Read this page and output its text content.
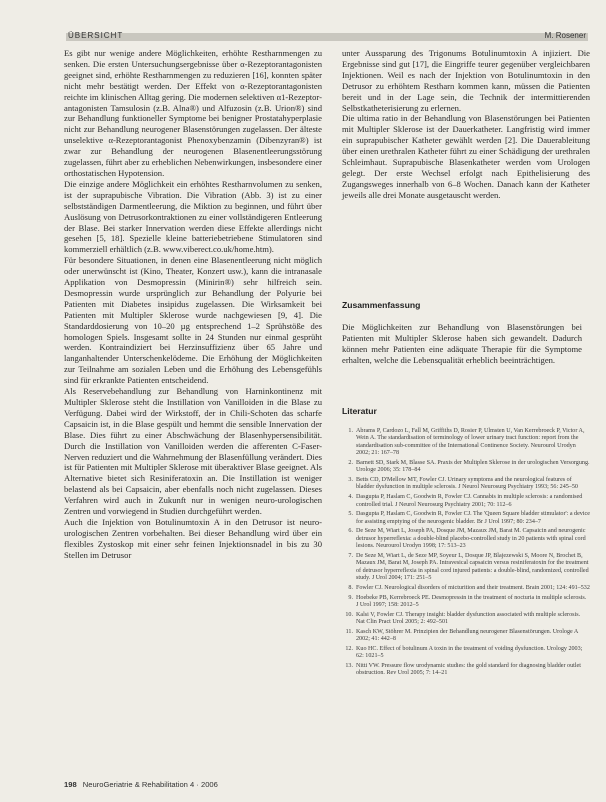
ÜBERSICHT	M. Rosener

Es gibt nur wenige andere Möglichkeiten, erhöhte Restharnmengen zu senken. Die ersten Untersuchungsergebnisse über α-Rezeptorantagonisten geeignet sind, erhöhte Restharnmengen zu reduzieren [16], konnten später nicht mehr bestätigt werden. Der Effekt von α-Rezeptorantagonisten reichte im klinischen Alltag gering. Die modernen selektiven α1-Rezeptor-antagonisten Tamsulosin (z.B. Alna®) und Alfuzosin (z.B. Urion®) sind zur Behandlung funktioneller Symptome bei benigner Prostatahyperplasie nicht zur Behandlung neurogener Blasenstörungen zugelassen. Der älteste unselektive α-Rezeptorantagonist Phenoxybenzamin (Dibenzyran®) ist zwar zur Behandlung der neurogenen Blasenentleerungsstörung zugelassen, führt aber zu erheblichen Nebenwirkungen, insbesondere einer orthostatischen Hypotension.

Die einzige andere Möglichkeit ein erhöhtes Restharnvolumen zu senken, ist der suprapubische Vibration. Die Vibration (Abb. 3) ist zu einer selbstständigen Darmentleerung, die Miktion zu beginnen, und führt über Auslösung von Detrusorkontraktionen zu einer vollständigeren Entleerung der Blase. Bei starker Innervation werden diese Effekte allerdings nicht gesehen [5, 18]. Spezielle kleine batteriebetriebene Stimulatoren sind kommerziell erhältlich (z.B. www.viberect.co.uk/home.htm).

Für besondere Situationen, in denen eine Blasenentleerung nicht möglich oder unerwünscht ist (Kino, Theater, Konzert usw.), kann die intranasale Applikation von Desmopressin (Minirin®) sehr hilfreich sein. Desmopressin wurde ursprünglich zur Behandlung der Polyurie bei Patienten mit Diabetes insipidus zugelassen. Die Wirksamkeit bei Patienten mit Multipler Sklerose wurde nachgewiesen [9, 4]. Die Standarddosierung von 10–20 µg entsprechend 1–2 Sprühstöße des homologen Spiels. Insgesamt sollte in 24 Stunden nur einmal gesprüht werden. Kontraindiziert bei Herzinsuffizienz über 65 Jahre und langanhaltender Unterschenkelödeme. Die Erhöhung der Möglichkeiten zur Teilnahme am sozialen Leben und die Erhöhung des Lebensgefühls sind für erkrankte Patienten entscheidend.

Als Reservebehandlung zur Behandlung von Harninkontinenz mit Multipler Sklerose steht die Instillation von Vanilloiden in die Blase zu Verfügung. Dabei wird der Wirkstoff, der in Chili-Schoten das scharfe Capsaicin ist, in die Blase gespült und hemmt die sensible Innervation der Blase. Dies führt zu einer Abschwächung der Blasenhypersensibilität. Durch die Instillation von Vanilloiden werden die afferenten C-Faser-Nerven reduziert und die Wahrnehmung der Blasenfüllung verändert. Dies ist für Patienten mit Multipler Sklerose mit überaktiver Blase geeignet. Als Alternative bietet sich Resiniferatoxin an. Die Instillation ist weniger belastend als bei Capsaicin, aber ebenfalls noch nicht zugelassen. Dieses Verfahren wird auch in Zukunft nur in wenigen neuro-urologischen Zentren und vorwiegend in Studien durchgeführt werden.

Auch die Injektion von Botulinumtoxin A in den Detrusor ist neuro-urologischen Zentren vorbehalten. Bei dieser Behandlung wird über ein flexibles Zystoskop mit einer sehr feinen Injektionsnadel in bis zu 30 Stellen im Detrusor

unter Aussparung des Trigonums Botulinumtoxin A injiziert. Die Ergebnisse sind gut [17], die Eingriffe teurer gegenüber vergleichbaren Injektionen. Weil es nach der Injektion von Botulinumtoxin in den Detrusor zu erhöhtem Restharn kommen kann, müssen die Patienten bereit und in der Lage sein, die Technik der intermittierenden Selbstkatheterisierung zu erlernen.

Die ultima ratio in der Behandlung von Blasenstörungen bei Patienten mit Multipler Sklerose ist der Dauerkatheter. Langfristig wird immer ein suprapubischer Katheter gewählt werden [2]. Die Dauerableitung über einen urethralen Katheter führt zu einer Schädigung der urethralen Schleimhaut. Suprapubische Blasenkatheter werden vom Urologen gelegt. Der erste Wechsel erfolgt nach Epithelisierung des Zugangsweges innerhalb von 6–8 Wochen. Danach kann der Katheter jeweils alle drei Monate ausgetauscht werden.

Zusammenfassung

Die Möglichkeiten zur Behandlung von Blasenstörungen bei Patienten mit Multipler Sklerose haben sich gewandelt. Dadurch können mehr Patienten eine adäquate Therapie für die Symptome erhalten, welche die Lebensqualität erheblich beeinträchtigen.

Literatur
1. Abrams P, Cardozo L, Fall M, Griffiths D, Rosier P, Ulmsten U, Van Kerrebroeck P, Victor A, Wein A. The standardisation of terminology of lower urinary tract function: report from the standardisation sub-committee of the International Continence Society. Neurourol Urodyn 2002; 21: 167–78
2. Barnett SD, Stark M, Blasse SA. Praxis der Multiplen Sklerose in der urologischen Versorgung. Urologe 2006; 35: 178–84
3. Betts CD, D'Mellow MT, Fowler CJ. Urinary symptoms and the neurological features of bladder dysfunction in multiple sclerosis. J Neurol Neurosurg Psychiatry 1993; 56: 245–50
4. Dasgupta P, Haslam C, Goodwin R, Fowler CJ. Cannabis in multiple sclerosis: a randomised controlled trial. J Neurol Neurosurg Psychiatry 2001; 70: 112–6
5. Dasgupta P, Haslam C, Goodwin R, Fowler CJ. The 'Queen Square bladder stimulator': a device for assisting emptying of the neurogenic bladder. Br J Urol 1997; 80: 234–7
6. De Seze M, Wiart L, Joseph PA, Dosque JM, Mazaux JM, Barat M. Capsaicin and neurogenic detrusor hyperreflexia: a double-blind placebo-controlled study in 20 patients with spinal cord lesions. Neurourol Urodyn 1998; 17: 513–23
7. De Seze M, Wiart L, de Seze MP, Soyeur L, Dosque JP, Blajezewski S, Moore N, Brochet B, Mazaux JM, Barat M, Joseph PA. Intravesical capsaicin versus resiniferatoxin for the treatment of detrusor hyperreflexia in spinal cord injured patients: a double-blind, randomized, controlled study. J Urol 2004; 171: 251–5
8. Fowler CJ. Neurological disorders of micturition and their treatment. Brain 2001; 124: 491–532
9. Hoebeke PB, Kerrebroeck PE. Desmopressin in the treatment of nocturia in multiple sclerosis. J Urol 1997; 158: 2012–5
10. Kalsi V, Fowler CJ. Therapy insight: bladder dysfunction associated with multiple sclerosis. Nat Clin Pract Urol 2005; 2: 492–501
11. Kasch KW, Stöhrer M. Prinzipien der Behandlung neurogener Blasenstörungen. Urologe A 2002; 41: 442–8
12. Kuo HC. Effect of botulinum A toxin in the treatment of voiding dysfunction. Urology 2003; 62: 1021–5
13. Nitti VW. Pressure flow urodynamic studies: the gold standard for diagnosing bladder outlet obstruction. Rev Urol 2005; 7: 14–21
198 NeuroGeriatrie & Rehabilitation 4 · 2006
